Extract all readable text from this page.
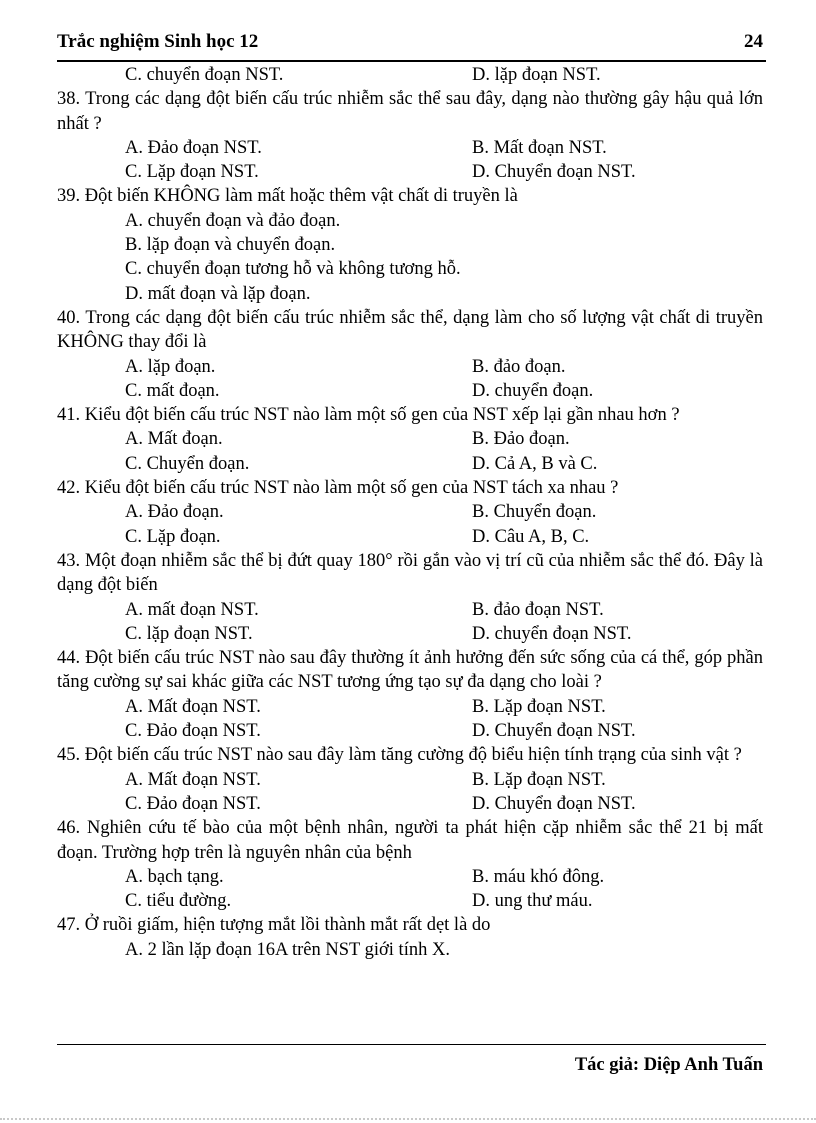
Trắc nghiệm Sinh học 12	24
C. chuyển đoạn NST.	D. lặp đoạn NST.
38. Trong các dạng đột biến cấu trúc nhiễm sắc thể sau đây, dạng nào thường gây hậu quả lớn nhất ?
A. Đảo đoạn NST.	B. Mất đoạn NST.
C. Lặp đoạn NST.	D. Chuyển đoạn NST.
39. Đột biến KHÔNG làm mất hoặc thêm vật chất di truyền là
A. chuyển đoạn và đảo đoạn.
B. lặp đoạn và chuyển đoạn.
C. chuyển đoạn tương hỗ và không tương hỗ.
D. mất đoạn và lặp đoạn.
40. Trong các dạng đột biến cấu trúc nhiễm sắc thể, dạng làm cho số lượng vật chất di truyền KHÔNG thay đổi là
A. lặp đoạn.	B. đảo đoạn.
C. mất đoạn.	D. chuyển đoạn.
41. Kiểu đột biến cấu trúc NST nào làm một số gen của NST xếp lại gần nhau hơn ?
A. Mất đoạn.	B. Đảo đoạn.
C. Chuyển đoạn.	D. Cả A, B và C.
42. Kiểu đột biến cấu trúc NST nào làm một số gen của NST tách xa nhau ?
A. Đảo đoạn.	B. Chuyển đoạn.
C. Lặp đoạn.	D. Câu A, B, C.
43. Một đoạn nhiễm sắc thể bị đứt quay 180° rồi gắn vào vị trí cũ của nhiễm sắc thể đó. Đây là dạng đột biến
A. mất đoạn NST.	B. đảo đoạn NST.
C. lặp đoạn NST.	D. chuyển đoạn NST.
44. Đột biến cấu trúc NST nào sau đây thường ít ảnh hưởng đến sức sống của cá thể, góp phần tăng cường sự sai khác giữa các NST tương ứng tạo sự đa dạng cho loài ?
A. Mất đoạn NST.	B. Lặp đoạn NST.
C. Đảo đoạn NST.	D. Chuyển đoạn NST.
45. Đột biến cấu trúc NST nào sau đây làm tăng cường độ biểu hiện tính trạng của sinh vật ?
A. Mất đoạn NST.	B. Lặp đoạn NST.
C. Đảo đoạn NST.	D. Chuyển đoạn NST.
46. Nghiên cứu tế bào của một bệnh nhân, người ta phát hiện cặp nhiễm sắc thể 21 bị mất đoạn. Trường hợp trên là nguyên nhân của bệnh
A. bạch tạng.	B. máu khó đông.
C. tiểu đường.	D. ung thư máu.
47. Ở ruồi giấm, hiện tượng mắt lồi thành mắt rất dẹt là do
A. 2 lần lặp đoạn 16A trên NST giới tính X.
Tác giả: Diệp Anh Tuấn
